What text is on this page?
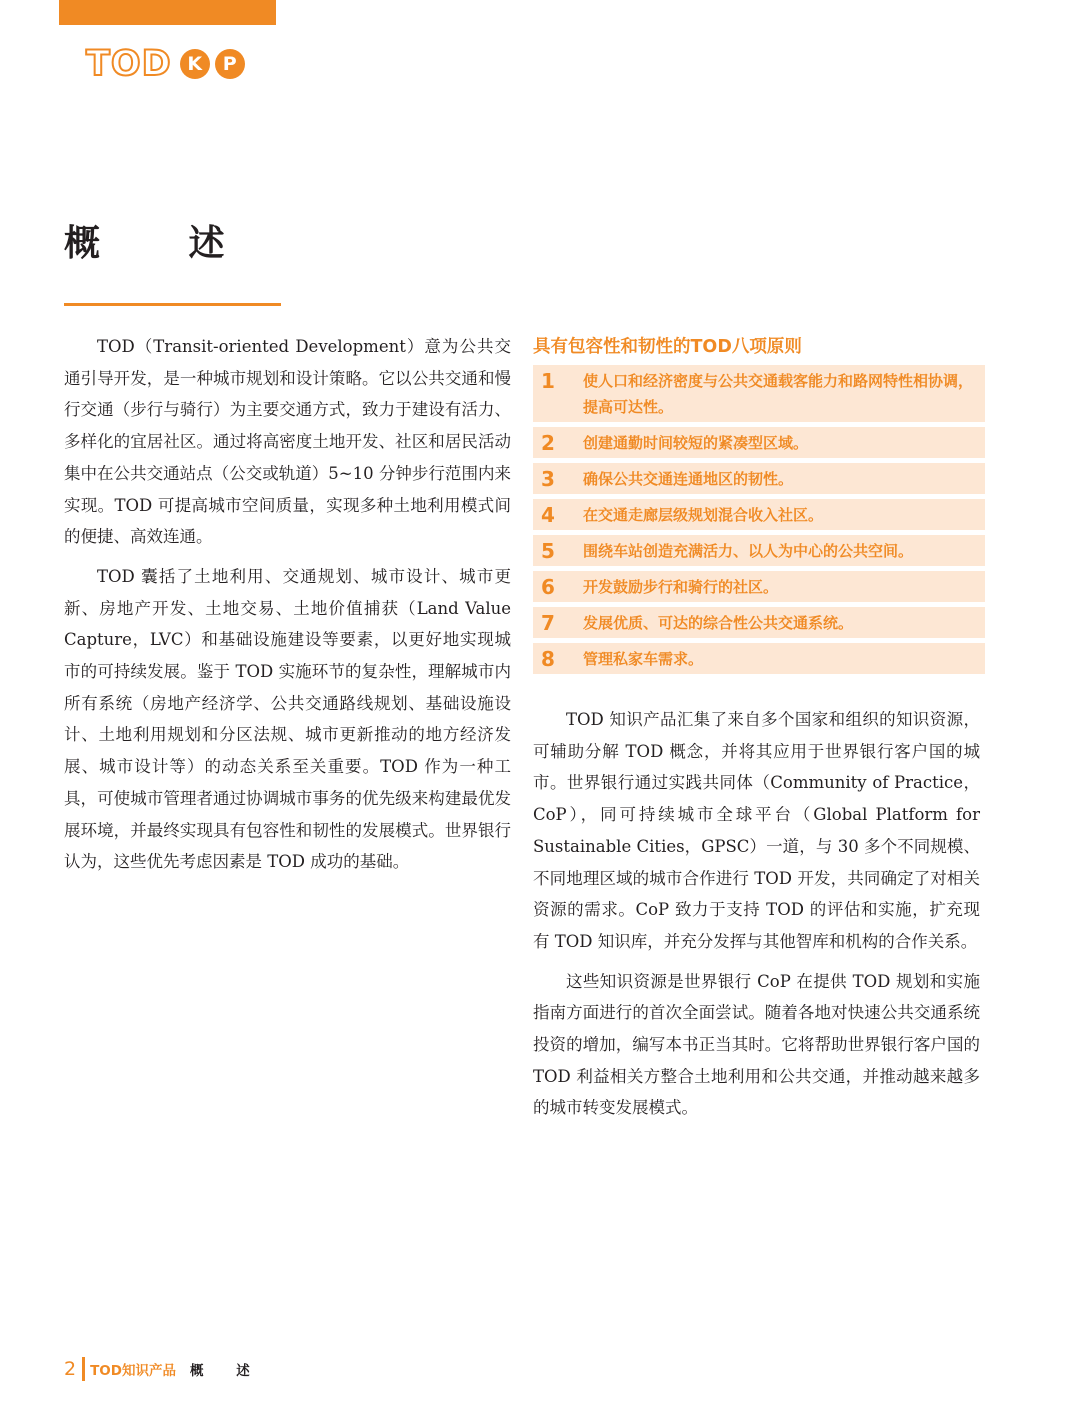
TOD K	P
概 述

TOD（Transit-oriented Development）意为公共交通引导开发，是一种城市规划和设计策略。它以公共交通和慢行交通（步行与骑行）为主要交通方式，致力于建设有活力、多样化的宜居社区。通过将高密度土地开发、社区和居民活动集中在公共交通站点（公交或轨道）5~10 分钟步行范围内来实现。TOD 可提高城市空间质量，实现多种土地利用模式间的便捷、高效连通。

TOD 囊括了土地利用、交通规划、城市设计、城市更新、房地产开发、土地交易、土地价值捕获（Land Value Capture，LVC）和基础设施建设等要素，以更好地实现城市的可持续发展。鉴于 TOD 实施环节的复杂性，理解城市内所有系统（房地产经济学、公共交通路线规划、基础设施设计、土地利用规划和分区法规、城市更新推动的地方经济发展、城市设计等）的动态关系至关重要。TOD 作为一种工具，可使城市管理者通过协调城市事务的优先级来构建最优发展环境，并最终实现具有包容性和韧性的发展模式。世界银行认为，这些优先考虑因素是 TOD 成功的基础。

具有包容性和韧性的TOD八项原则
1	使人口和经济密度与公共交通载客能力和路网特性相协调，提高可达性。
2	创建通勤时间较短的紧凑型区域。
3	确保公共交通连通地区的韧性。
4	在交通走廊层级规划混合收入社区。
5	围绕车站创造充满活力、以人为中心的公共空间。
6	开发鼓励步行和骑行的社区。
7	发展优质、可达的综合性公共交通系统。
8	管理私家车需求。

TOD 知识产品汇集了来自多个国家和组织的知识资源，可辅助分解 TOD 概念，并将其应用于世界银行客户国的城市。世界银行通过实践共同体（Community of Practice，CoP），同可持续城市全球平台（Global Platform for Sustainable Cities，GPSC）一道，与 30 多个不同规模、不同地理区域的城市合作进行 TOD 开发，共同确定了对相关资源的需求。CoP 致力于支持 TOD 的评估和实施，扩充现有 TOD 知识库，并充分发挥与其他智库和机构的合作关系。

这些知识资源是世界银行 CoP 在提供 TOD 规划和实施指南方面进行的首次全面尝试。随着各地对快速公共交通系统投资的增加，编写本书正当其时。它将帮助世界银行客户国的 TOD 利益相关方整合土地利用和公共交通，并推动越来越多的城市转变发展模式。

2 TOD知识产品 概 述
